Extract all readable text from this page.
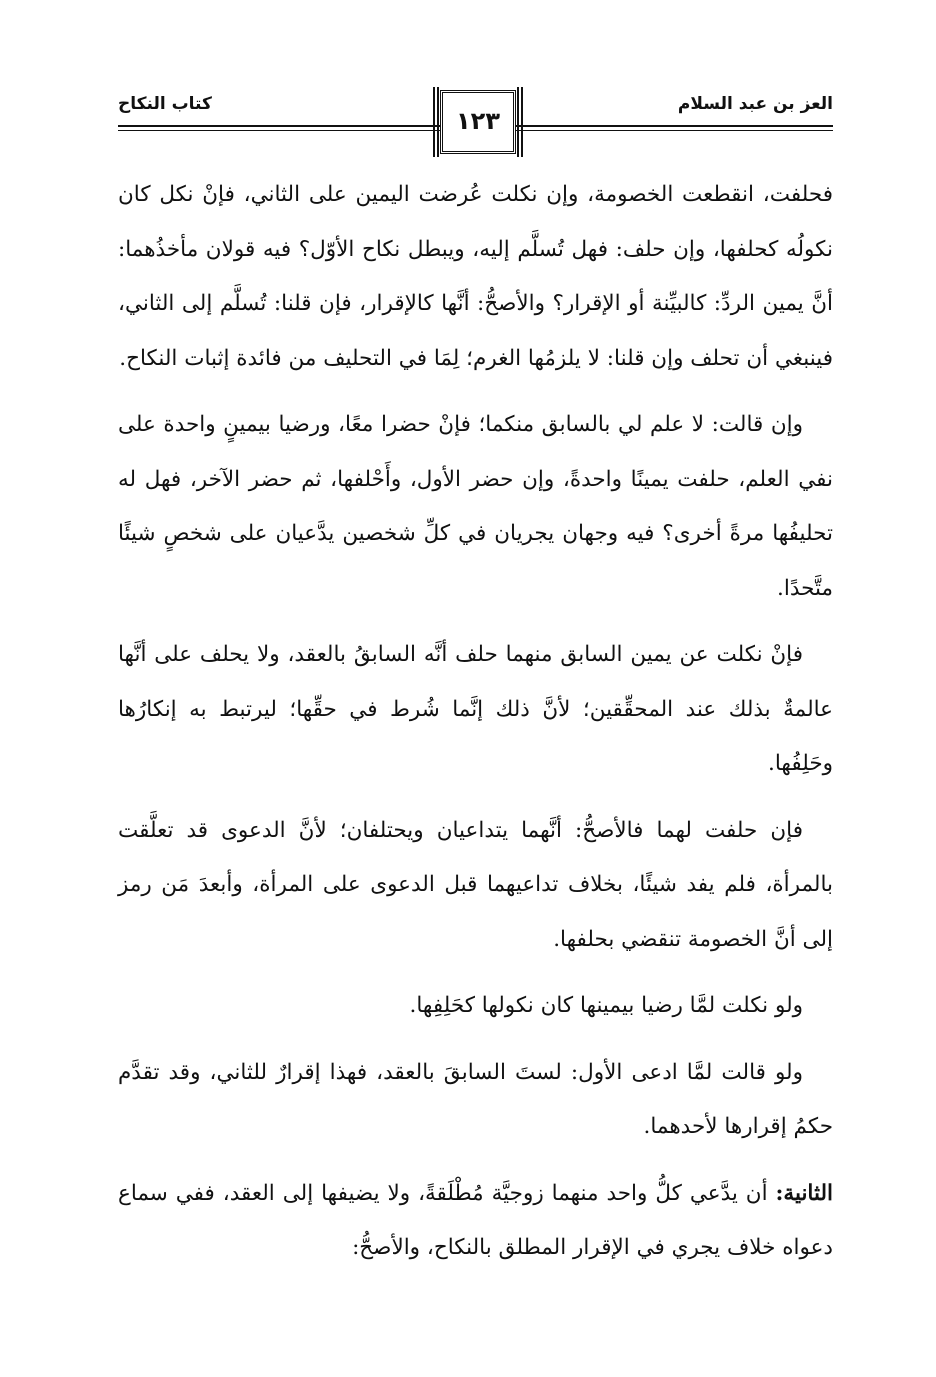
العز بن عبد السلام
كتاب النكاح
١٢٣

فحلفت، انقطعت الخصومة، وإن نكلت عُرضت اليمين على الثاني، فإنْ نكل كان نكولُه كحلفها، وإن حلف: فهل تُسلَّم إليه، ويبطل نكاح الأوّل؟ فيه قولان مأخذُهما: أنَّ يمين الردِّ: كالبيِّنة أو الإقرار؟ والأصحُّ: أنَّها كالإقرار، فإن قلنا: تُسلَّم إلى الثاني، فينبغي أن تحلف وإن قلنا: لا يلزمُها الغرم؛ لِمَا في التحليف من فائدة إثبات النكاح.

وإن قالت: لا علم لي بالسابق منكما؛ فإنْ حضرا معًا، ورضيا بيمينٍ واحدة على نفي العلم، حلفت يمينًا واحدةً، وإن حضر الأول، وأَحْلفها، ثم حضر الآخر، فهل له تحليفُها مرةً أخرى؟ فيه وجهان يجريان في كلِّ شخصين يدَّعيان على شخصٍ شيئًا متَّحدًا.

فإنْ نكلت عن يمين السابق منهما حلف أنَّه السابقُ بالعقد، ولا يحلف على أنَّها عالمةٌ بذلك عند المحقِّقين؛ لأنَّ ذلك إنَّما شُرط في حقِّها؛ ليرتبط به إنكارُها وحَلِفُها.

فإن حلفت لهما فالأصحُّ: أنَّهما يتداعيان ويحتلفان؛ لأنَّ الدعوى قد تعلَّقت بالمرأة، فلم يفد شيئًا، بخلاف تداعيهما قبل الدعوى على المرأة، وأبعدَ مَن رمز إلى أنَّ الخصومة تنقضي بحلفها.

ولو نكلت لمَّا رضيا بيمينها كان نكولها كحَلِفِها.

ولو قالت لمَّا ادعى الأول: لستَ السابقَ بالعقد، فهذا إقرارٌ للثاني، وقد تقدَّم حكمُ إقرارها لأحدهما.

الثانية: أن يدَّعي كلُّ واحد منهما زوجيَّة مُطْلَقةً، ولا يضيفها إلى العقد، ففي سماع دعواه خلاف يجري في الإقرار المطلق بالنكاح، والأصحُّ:
